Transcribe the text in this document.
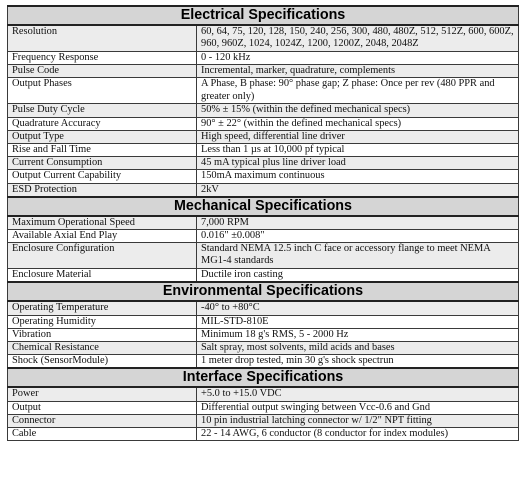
Electrical Specifications	
Resolution	60, 64, 75, 120, 128, 150, 240, 256, 300, 480, 480Z, 512, 512Z, 600, 600Z, 960, 960Z, 1024, 1024Z, 1200, 1200Z, 2048, 2048Z
Frequency Response	0 - 120 kHz
Pulse Code	Incremental, marker, quadrature, complements
Output Phases	A Phase, B phase: 90° phase gap; Z phase: Once per rev (480 PPR and greater only)
Pulse Duty Cycle	50% ± 15% (within the defined mechanical specs)
Quadrature Accuracy	90° ± 22° (within the defined mechanical specs)
Output Type	High speed, differential line driver
Rise and Fall Time	Less than 1 µs at 10,000 pf typical
Current Consumption	45 mA typical plus line driver load
Output Current Capability	150mA maximum continuous
ESD Protection	2kV
Mechanical Specifications	
Maximum Operational Speed	7,000 RPM
Available Axial End Play	0.016" ±0.008"
Enclosure Configuration	Standard NEMA 12.5 inch C face or accessory flange to meet NEMA MG1-4 standards
Enclosure Material	Ductile iron casting
Environmental Specifications	
Operating Temperature	-40° to +80°C
Operating Humidity	MIL-STD-810E
Vibration	Minimum 18 g's RMS, 5 - 2000 Hz
Chemical Resistance	Salt spray, most solvents, mild acids and bases
Shock (SensorModule)	1 meter drop tested, min 30 g's shock spectrun
Interface Specifications	
Power	+5.0 to +15.0 VDC
Output	Differential output swinging between Vcc-0.6 and Gnd
Connector	10 pin industrial latching connector w/ 1/2" NPT fitting
Cable	22 - 14 AWG, 6 conductor (8 conductor for index modules)
